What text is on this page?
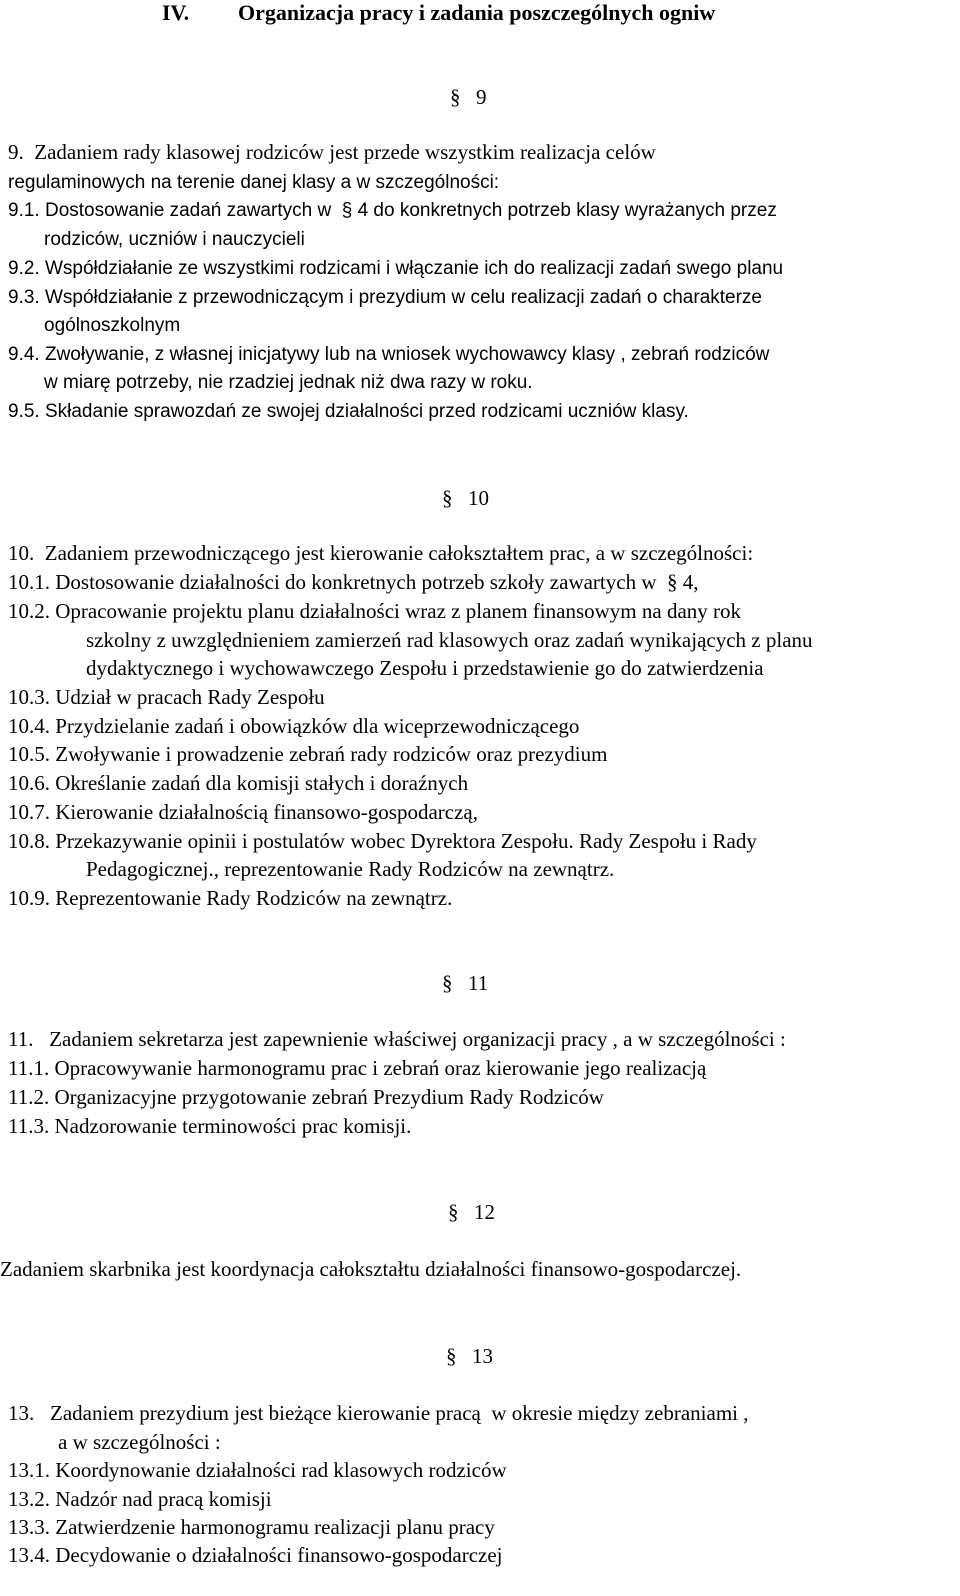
IV. Organizacja pracy i zadania poszczególnych ogniw
§ 9
9.  Zadaniem rady klasowej rodziców jest przede wszystkim realizacja celów
regulaminowych na terenie danej klasy a w szczególności:
9.1. Dostosowanie zadań zawartych w  § 4 do konkretnych potrzeb klasy wyrażanych przez
rodziców, uczniów i nauczycieli
9.2. Współdziałanie ze wszystkimi rodzicami i włączanie ich do realizacji zadań swego planu
9.3. Współdziałanie z przewodniczącym i prezydium w celu realizacji zadań o charakterze
ogólnoszkolnym
9.4. Zwoływanie, z własnej inicjatywy lub na wniosek wychowawcy klasy , zebrań rodziców
w miarę potrzeby, nie rzadziej jednak niż dwa razy w roku.
9.5. Składanie sprawozdań ze swojej działalności przed rodzicami uczniów klasy.
§ 10
10.  Zadaniem przewodniczącego jest kierowanie całokształtem prac, a w szczególności:
10.1. Dostosowanie działalności do konkretnych potrzeb szkoły zawartych w  § 4,
10.2. Opracowanie projektu planu działalności wraz z planem finansowym na dany rok
szkolny z uwzględnieniem zamierzeń rad klasowych oraz zadań wynikających z planu
dydaktycznego i wychowawczego Zespołu i przedstawienie go do zatwierdzenia
10.3. Udział w pracach Rady Zespołu
10.4. Przydzielanie zadań i obowiązków dla wiceprzewodniczącego
10.5. Zwoływanie i prowadzenie zebrań rady rodziców oraz prezydium
10.6. Określanie zadań dla komisji stałych i doraźnych
10.7. Kierowanie działalnością finansowo-gospodarczą,
10.8. Przekazywanie opinii i postulatów wobec Dyrektora Zespołu. Rady Zespołu i Rady
Pedagogicznej., reprezentowanie Rady Rodziców na zewnątrz.
10.9. Reprezentowanie Rady Rodziców na zewnątrz.
§ 11
11.   Zadaniem sekretarza jest zapewnienie właściwej organizacji pracy , a w szczególności :
11.1. Opracowywanie harmonogramu prac i zebrań oraz kierowanie jego realizacją
11.2. Organizacyjne przygotowanie zebrań Prezydium Rady Rodziców
11.3. Nadzorowanie terminowości prac komisji.
§ 12
Zadaniem skarbnika jest koordynacja całokształtu działalności finansowo-gospodarczej.
§ 13
13.   Zadaniem prezydium jest bieżące kierowanie pracą  w okresie między zebraniami ,
a w szczególności :
13.1. Koordynowanie działalności rad klasowych rodziców
13.2. Nadzór nad pracą komisji
13.3. Zatwierdzenie harmonogramu realizacji planu pracy
13.4. Decydowanie o działalności finansowo-gospodarczej
